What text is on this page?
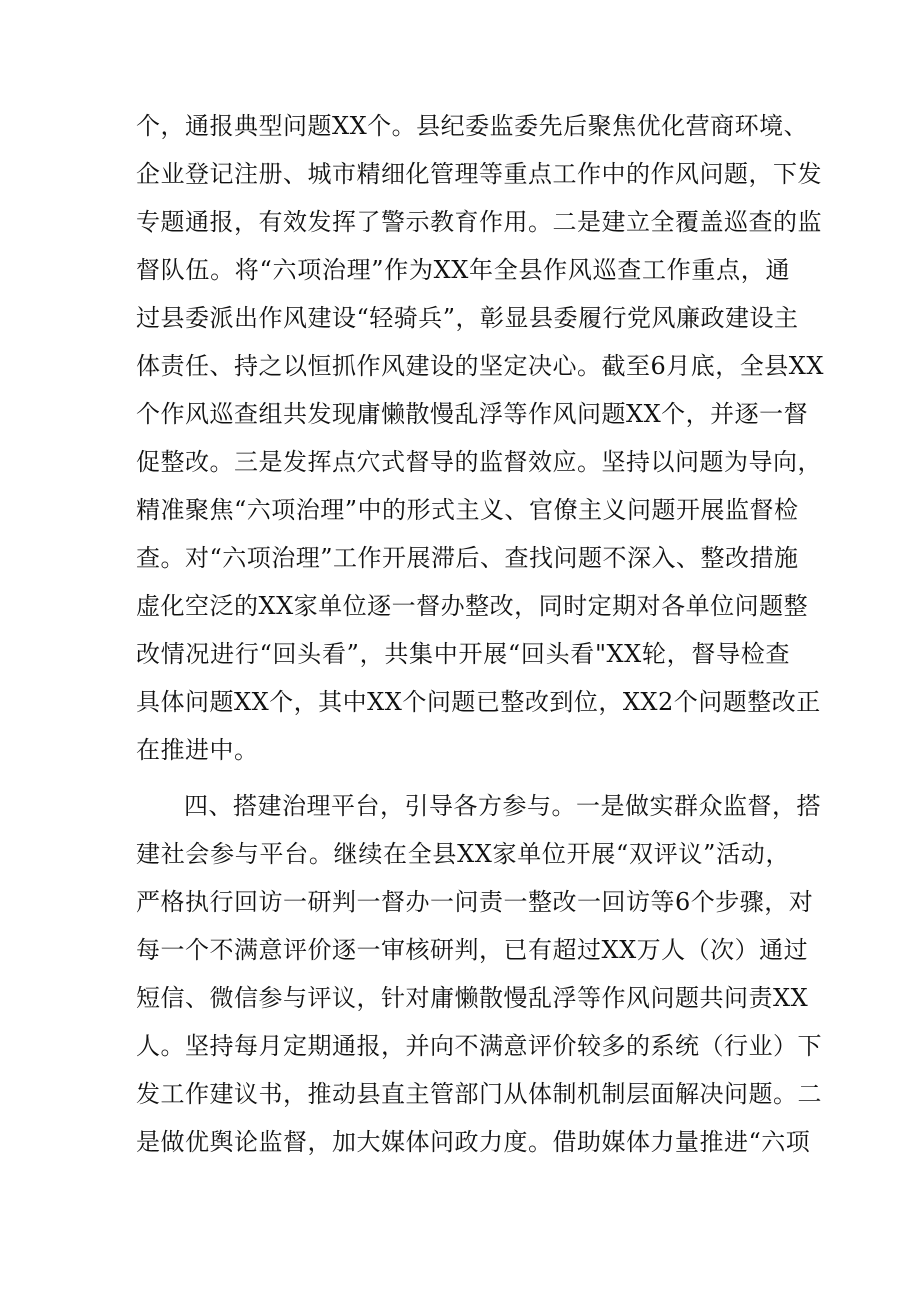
个，通报典型问题XX个。县纪委监委先后聚焦优化营商环境、
企业登记注册、城市精细化管理等重点工作中的作风问题，下发
专题通报，有效发挥了警示教育作用。二是建立全覆盖巡查的监
督队伍。将“六项治理”作为XX年全县作风巡查工作重点，通
过县委派出作风建设“轻骑兵”，彰显县委履行党风廉政建设主
体责任、持之以恒抓作风建设的坚定决心。截至6月底，全县XX
个作风巡查组共发现庸懒散慢乱浮等作风问题XX个，并逐一督
促整改。三是发挥点穴式督导的监督效应。坚持以问题为导向，
精准聚焦“六项治理”中的形式主义、官僚主义问题开展监督检
查。对“六项治理”工作开展滞后、查找问题不深入、整改措施
虚化空泛的XX家单位逐一督办整改，同时定期对各单位问题整
改情况进行“回头看”，共集中开展“回头看"XX轮，督导检查
具体问题XX个，其中XX个问题已整改到位，XX2个问题整改正
在推进中。
四、搭建治理平台，引导各方参与。一是做实群众监督，搭
建社会参与平台。继续在全县XX家单位开展“双评议”活动，
严格执行回访一研判一督办一问责一整改一回访等6个步骤，对
每一个不满意评价逐一审核研判，已有超过XX万人（次）通过
短信、微信参与评议，针对庸懒散慢乱浮等作风问题共问责XX
人。坚持每月定期通报，并向不满意评价较多的系统（行业）下
发工作建议书，推动县直主管部门从体制机制层面解决问题。二
是做优舆论监督，加大媒体问政力度。借助媒体力量推进“六项
